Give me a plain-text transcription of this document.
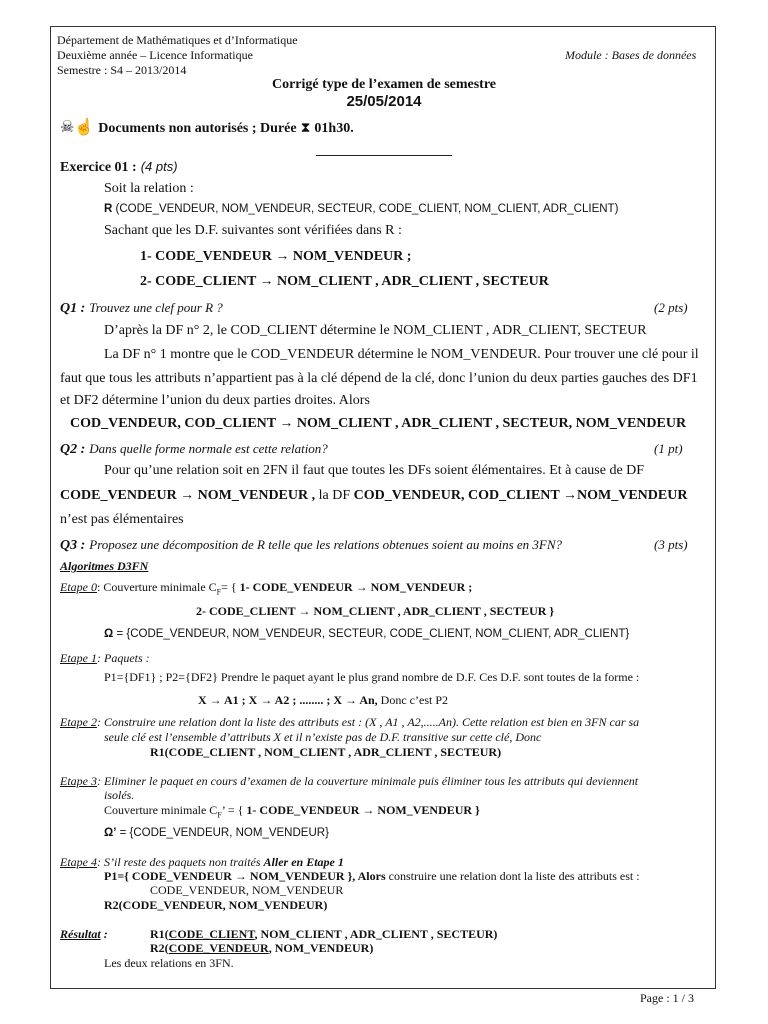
Département de Mathématiques et d’Informatique
Deuxième année – Licence Informatique	Module : Bases de données
Semestre : S4 – 2013/2014
Corrigé type de l’examen de semestre
25/05/2014
☠☝ Documents non autorisés ; Durée ⧗ 01h30.
Exercice 01 : (4 pts)
Soit la relation :
R (CODE_VENDEUR, NOM_VENDEUR, SECTEUR, CODE_CLIENT, NOM_CLIENT, ADR_CLIENT)
Sachant que les D.F. suivantes sont vérifiées dans R :
1- CODE_VENDEUR → NOM_VENDEUR ;
2- CODE_CLIENT → NOM_CLIENT , ADR_CLIENT , SECTEUR
Q1 : Trouvez une clef pour R ?	(2 pts)
D’après la DF n° 2, le COD_CLIENT détermine le NOM_CLIENT , ADR_CLIENT, SECTEUR
La DF n° 1 montre que le COD_VENDEUR détermine le NOM_VENDEUR. Pour trouver une clé pour il
faut que tous les attributs n’appartient pas à la clé dépend de la clé, donc l’union du deux parties gauches des DF1
et DF2 détermine l’union du deux parties droites. Alors
COD_VENDEUR, COD_CLIENT → NOM_CLIENT , ADR_CLIENT , SECTEUR, NOM_VENDEUR
Q2 : Dans quelle forme normale est cette relation?	(1 pt)
Pour qu’une relation soit en 2FN il faut que toutes les DFs soient élémentaires. Et à cause de DF
CODE_VENDEUR → NOM_VENDEUR , la DF COD_VENDEUR, COD_CLIENT →NOM_VENDEUR
n’est pas élémentaires
Q3 : Proposez une décomposition de R telle que les relations obtenues soient au moins en 3FN?	(3 pts)
Algoritmes D3FN
Etape 0: Couverture minimale $C_F=$ { 1- CODE_VENDEUR → NOM_VENDEUR ;
2- CODE_CLIENT → NOM_CLIENT , ADR_CLIENT , SECTEUR }
Ω = {CODE_VENDEUR, NOM_VENDEUR, SECTEUR, CODE_CLIENT, NOM_CLIENT, ADR_CLIENT}
Etape 1: Paquets :
P1={DF1} ; P2={DF2} Prendre le paquet ayant le plus grand nombre de D.F. Ces D.F. sont toutes de la forme :
X → A1 ; X → A2 ; ........ ; X → An, Donc c’est P2
Etape 2: Construire une relation dont la liste des attributs est : (X , A1 , A2,.....An). Cette relation est bien en 3FN car sa
seule clé est l’ensemble d’attributs X et il n’existe pas de D.F. transitive sur cette clé, Donc
R1(CODE_CLIENT , NOM_CLIENT , ADR_CLIENT , SECTEUR)
Etape 3: Eliminer le paquet en cours d’examen de la couverture minimale puis éliminer tous les attributs qui deviennent
isolés.
Couverture minimale $C_F$’ = { 1- CODE_VENDEUR → NOM_VENDEUR }
Ω’ = {CODE_VENDEUR, NOM_VENDEUR}
Etape 4: S’il reste des paquets non traités Aller en Etape 1
P1={ CODE_VENDEUR → NOM_VENDEUR }, Alors construire une relation dont la liste des attributs est :
CODE_VENDEUR, NOM_VENDEUR
R2(CODE_VENDEUR, NOM_VENDEUR)
Résultat :	R1(CODE_CLIENT, NOM_CLIENT , ADR_CLIENT , SECTEUR)
R2(CODE_VENDEUR, NOM_VENDEUR)
Les deux relations en 3FN.
Page : 1 / 3
